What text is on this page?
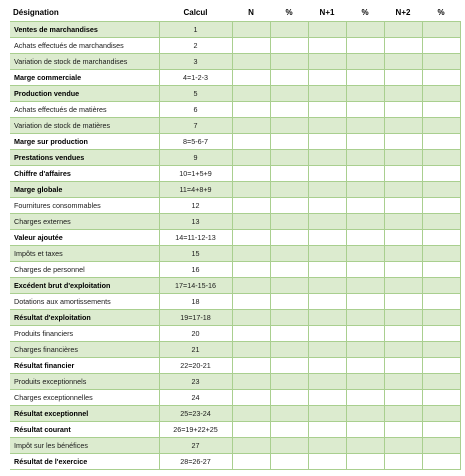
Désignation	Calcul	N	%	N+1	%	N+2	%
Ventes de marchandises	1						
Achats effectués de marchandises	2						
Variation de stock de marchandises	3						
Marge commerciale	4=1-2-3						
Production vendue	5						
Achats effectués de matières	6						
Variation de stock de matières	7						
Marge sur production	8=5-6-7						
Prestations vendues	9						
Chiffre d'affaires	10=1+5+9						
Marge globale	11=4+8+9						
Fournitures consommables	12						
Charges externes	13						
Valeur ajoutée	14=11-12-13						
Impôts et taxes	15						
Charges de personnel	16						
Excédent brut d'exploitation	17=14-15-16						
Dotations aux amortissements	18						
Résultat d'exploitation	19=17-18						
Produits financiers	20						
Charges financières	21						
Résultat financier	22=20-21						
Produits exceptionnels	23						
Charges exceptionnelles	24						
Résultat exceptionnel	25=23-24						
Résultat courant	26=19+22+25						
Impôt sur les bénéfices	27						
Résultat de l'exercice	28=26-27						
